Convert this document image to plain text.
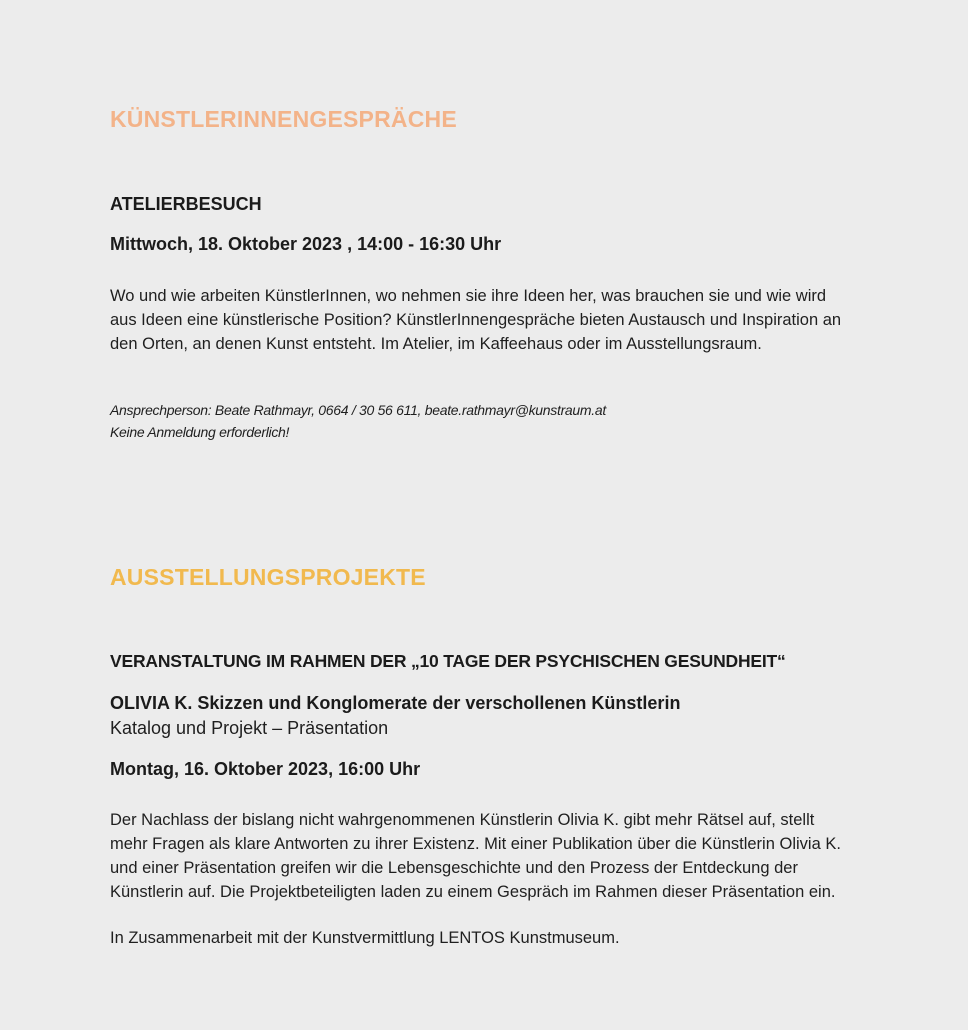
KÜNSTLERINNENGESPRÄCHE
ATELIERBESUCH

Mittwoch, 18. Oktober 2023 , 14:00 - 16:30 Uhr

Wo und wie arbeiten KünstlerInnen, wo nehmen sie ihre Ideen her, was brauchen sie und wie wird aus Ideen eine künstlerische Position? KünstlerInnengespräche bieten Austausch und Inspiration an den Orten, an denen Kunst entsteht. Im Atelier, im Kaffeehaus oder im Ausstellungsraum.

Ansprechperson: Beate Rathmayr, 0664 / 30 56 611, beate.rathmayr@kunstraum.at

Keine Anmeldung erforderlich!

AUSSTELLUNGSPROJEKTE
VERANSTALTUNG IM RAHMEN DER „10 TAGE DER PSYCHISCHEN GESUNDHEIT“
OLIVIA K. Skizzen und Konglomerate der verschollenen Künstlerin

Katalog und Projekt – Präsentation

Montag, 16. Oktober 2023, 16:00 Uhr

Der Nachlass der bislang nicht wahrgenommenen Künstlerin Olivia K. gibt mehr Rätsel auf, stellt mehr Fragen als klare Antworten zu ihrer Existenz. Mit einer Publikation über die Künstlerin Olivia K. und einer Präsentation greifen wir die Lebensgeschichte und den Prozess der Entdeckung der Künstlerin auf. Die Projektbeteiligten laden zu einem Gespräch im Rahmen dieser Präsentation ein.

In Zusammenarbeit mit der Kunstvermittlung LENTOS Kunstmuseum.
